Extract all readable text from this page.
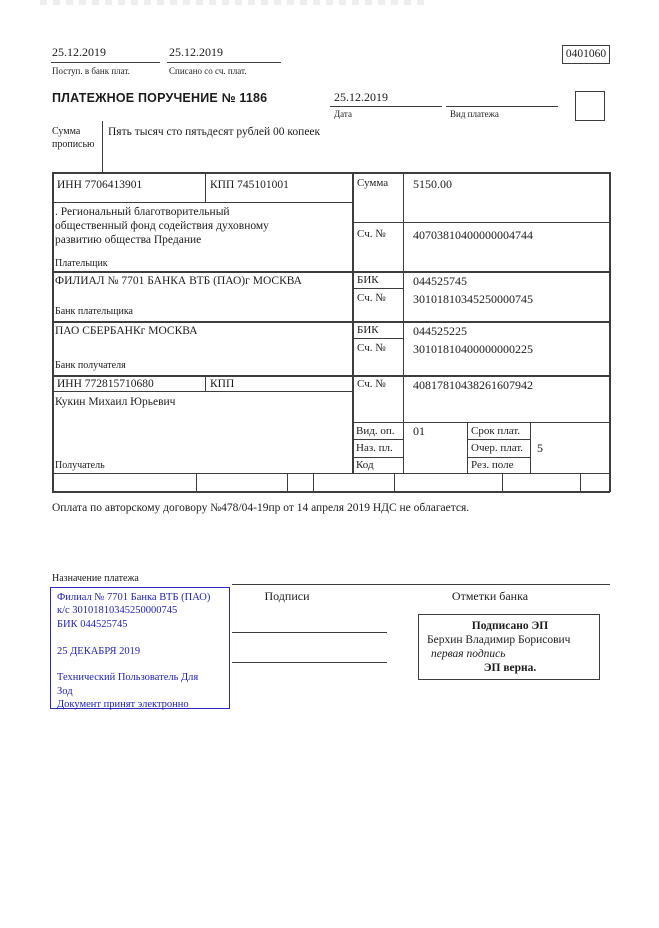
25.12.2019
Поступ. в банк плат.
25.12.2019
Списано со сч. плат.
0401060
ПЛАТЕЖНОЕ ПОРУЧЕНИЕ № 1186	25.12.2019
Дата	Вид платежа
Сумма
прописью
Пять тысяч сто пятьдесят рублей 00 копеек
ИНН 7706413901	КПП 745101001	Сумма 5150.00
. Региональный благотворительный
общественный фонд содействия духовному
развитию общества Предание	Сч. № 40703810400000004744
Плательщик
ФИЛИАЛ № 7701 БАНКА ВТБ (ПАО)г МОСКВА	БИК	044525745
Сч. № 30101810345250000745
Банк плательщика
ПАО СБЕРБАНКг МОСКВА	БИК	044525225
Сч. № 30101810400000000225
Банк получателя
ИНН 772815710680	КПП	Сч. № 40817810438261607942
Кукин Михаил Юрьевич
Вид. оп. 01	Срок плат.
Наз. пл.	Очер. плат. 5
Код	Рез. поле
Получатель
Оплата по авторскому договору №478/04-19пр от 14 апреля 2019 НДС не облагается.
Назначение платежа
Подписи	Отметки банка
Филиал № 7701 Банка ВТБ (ПАО)
к/с 30101810345250000745
БИК 044525745

25 ДЕКАБРЯ 2019

Технический Пользователь Для
Зод
Документ принят электронно
Подписано ЭП
Берхин Владимир Борисович
первая подпись
ЭП верна.
